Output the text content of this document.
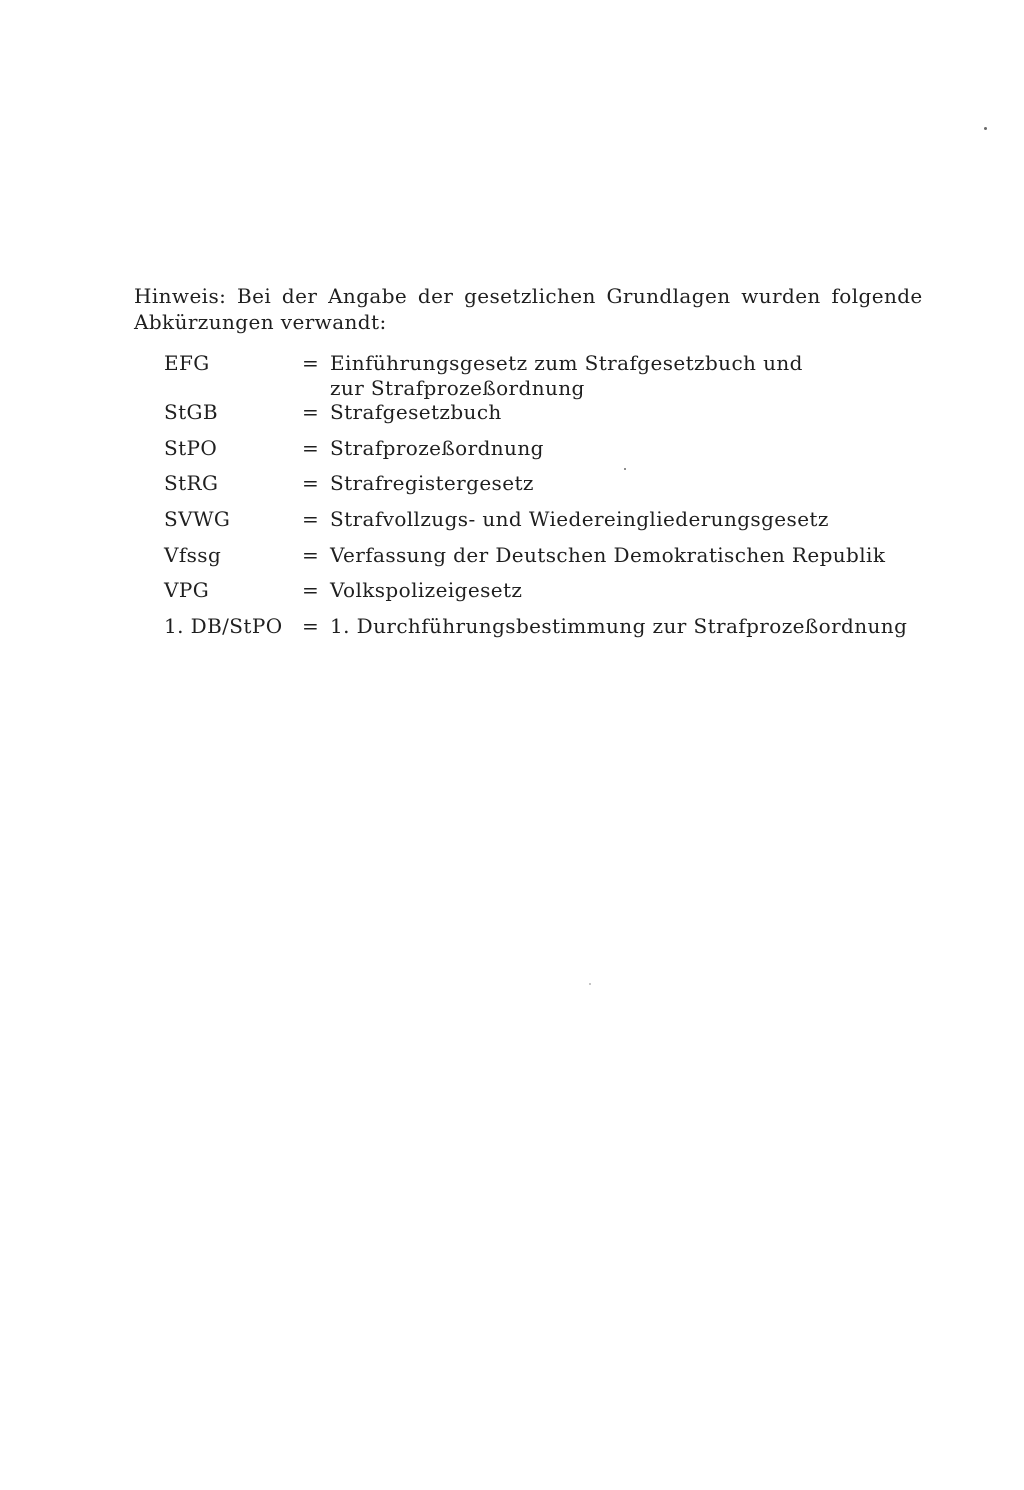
Hinweis: Bei der Angabe der gesetzlichen Grundlagen wurden folgende
Abkürzungen verwandt:
EFG	= Einführungsgesetz zum Strafgesetzbuch und
zur Strafprozeßordnung
StGB	= Strafgesetzbuch
StPO	= Strafprozeßordnung
StRG	= Strafregistergesetz
SVWG	= Strafvollzugs- und Wiedereingliederungsgesetz
Vfssg	= Verfassung der Deutschen Demokratischen Republik
VPG	= Volkspolizeigesetz
1. DB/StPO = 1. Durchführungsbestimmung zur Strafprozeßordnung
